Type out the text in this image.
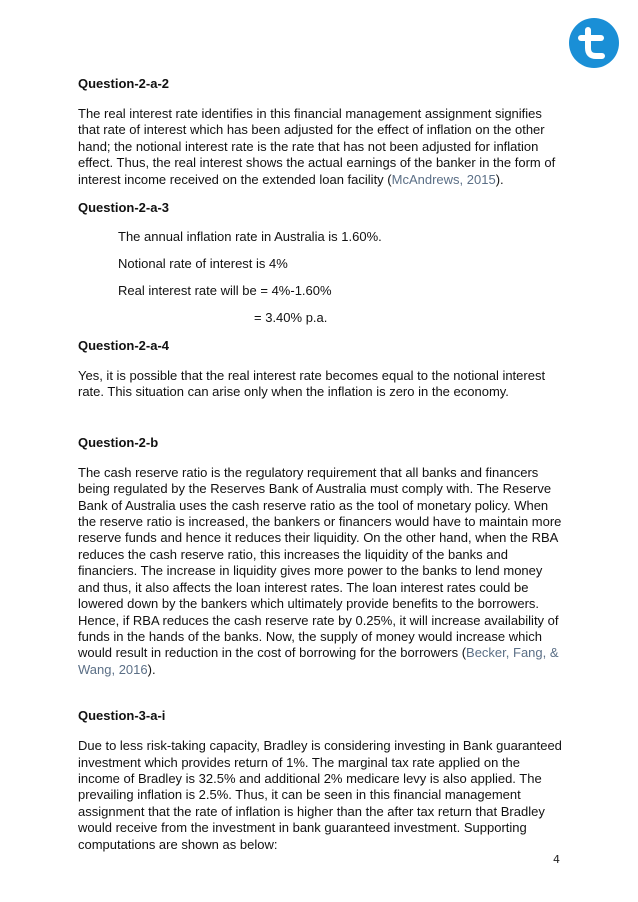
Question-2-a-2

The real interest rate identifies in this financial management assignment signifies that rate of interest which has been adjusted for the effect of inflation on the other hand; the notional interest rate is the rate that has not been adjusted for inflation effect. Thus, the real interest shows the actual earnings of the banker in the form of interest income received on the extended loan facility (McAndrews, 2015).

Question-2-a-3

The annual inflation rate in Australia is 1.60%.

Notional rate of interest is 4%

Real interest rate will be = 4%-1.60%

= 3.40% p.a.

Question-2-a-4

Yes, it is possible that the real interest rate becomes equal to the notional interest rate. This situation can arise only when the inflation is zero in the economy.

Question-2-b

The cash reserve ratio is the regulatory requirement that all banks and financers being regulated by the Reserves Bank of Australia must comply with. The Reserve Bank of Australia uses the cash reserve ratio as the tool of monetary policy. When the reserve ratio is increased, the bankers or financers would have to maintain more reserve funds and hence it reduces their liquidity. On the other hand, when the RBA reduces the cash reserve ratio, this increases the liquidity of the banks and financiers. The increase in liquidity gives more power to the banks to lend money and thus, it also affects the loan interest rates. The loan interest rates could be lowered down by the bankers which ultimately provide benefits to the borrowers. Hence, if RBA reduces the cash reserve rate by 0.25%, it will increase availability of funds in the hands of the banks. Now, the supply of money would increase which would result in reduction in the cost of borrowing for the borrowers (Becker, Fang, & Wang, 2016).

Question-3-a-i

Due to less risk-taking capacity, Bradley is considering investing in Bank guaranteed investment which provides return of 1%. The marginal tax rate applied on the income of Bradley is 32.5% and additional 2% medicare levy is also applied. The prevailing inflation is 2.5%. Thus, it can be seen in this financial management assignment that the rate of inflation is higher than the after tax return that Bradley would receive from the investment in bank guaranteed investment. Supporting computations are shown as below:

4
